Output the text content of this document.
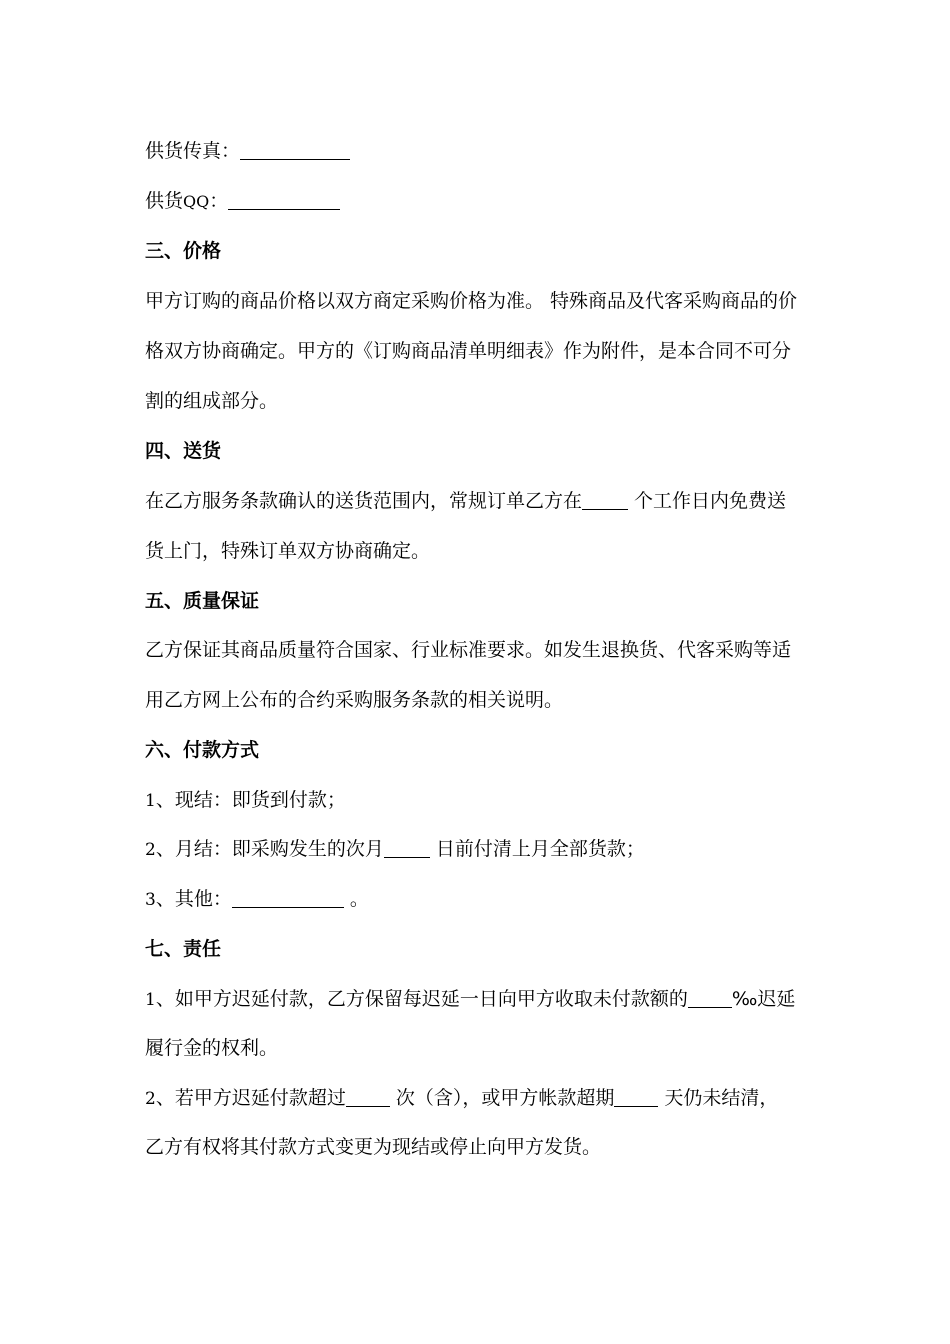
供货传真：
供货QQ：
三、价格
甲方订购的商品价格以双方商定采购价格为准。 特殊商品及代客采购商品的价
格双方协商确定。甲方的《订购商品清单明细表》作为附件，是本合同不可分
割的组成部分。
四、送货
在乙方服务条款确认的送货范围内，常规订单乙方在 个工作日内免费送
货上门，特殊订单双方协商确定。
五、质量保证
乙方保证其商品质量符合国家、行业标准要求。如发生退换货、代客采购等适
用乙方网上公布的合约采购服务条款的相关说明。
六、付款方式
1、现结：即货到付款；
2、月结：即采购发生的次月 日前付清上月全部货款；
3、其他：	。
七、责任
1、如甲方迟延付款，乙方保留每迟延一日向甲方收取未付款额的 ‰迟延
履行金的权利。
2、若甲方迟延付款超过 次（含），或甲方帐款超期 天仍未结清，
乙方有权将其付款方式变更为现结或停止向甲方发货。
